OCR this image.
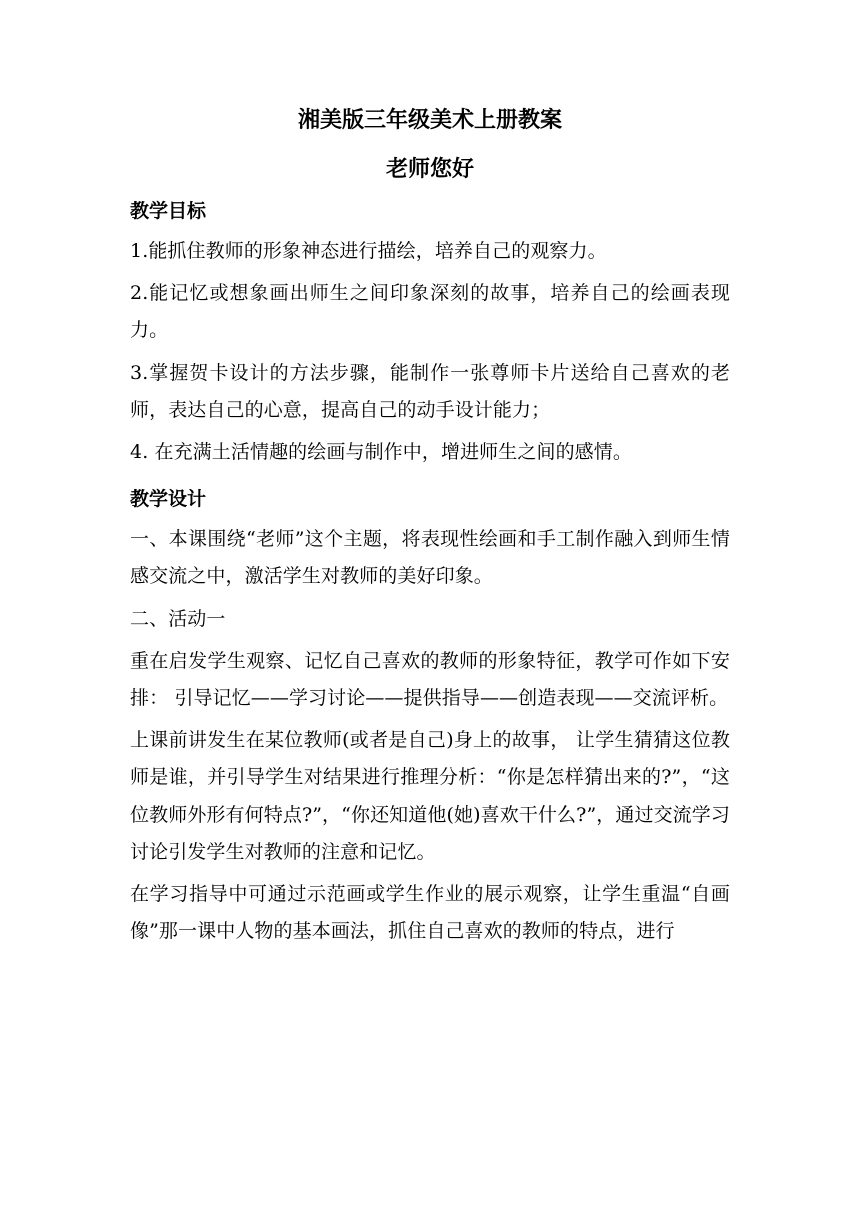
湘美版三年级美术上册教案
老师您好
教学目标

1.能抓住教师的形象神态进行描绘，培养自己的观察力。

2.能记忆或想象画出师生之间印象深刻的故事，培养自己的绘画表现力。

3.掌握贺卡设计的方法步骤，能制作一张尊师卡片送给自己喜欢的老师，表达自己的心意，提高自己的动手设计能力；

4. 在充满土活情趣的绘画与制作中，增进师生之间的感情。

教学设计

一、本课围绕“老师”这个主题，将表现性绘画和手工制作融入到师生情感交流之中，激活学生对教师的美好印象。

二、活动一

重在启发学生观察、记忆自己喜欢的教师的形象特征，教学可作如下安排： 引导记忆——学习讨论——提供指导——创造表现——交流评析。

上课前讲发生在某位教师(或者是自己)身上的故事， 让学生猜猜这位教师是谁，并引导学生对结果进行推理分析：“你是怎样猜出来的?”，“这位教师外形有何特点?”，“你还知道他(她)喜欢干什么?”，通过交流学习讨论引发学生对教师的注意和记忆。

在学习指导中可通过示范画或学生作业的展示观察，让学生重温“自画像”那一课中人物的基本画法，抓住自己喜欢的教师的特点，进行
